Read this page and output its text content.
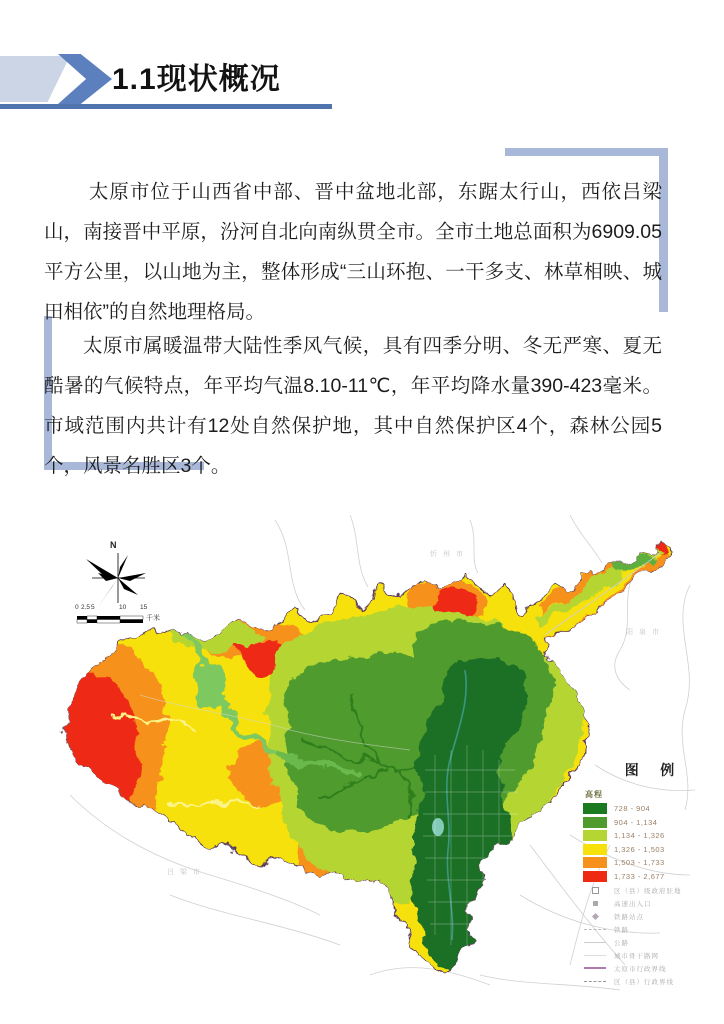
1.1现状概况
太原市位于山西省中部、晋中盆地北部，东踞太行山，西依吕梁山，南接晋中平原，汾河自北向南纵贯全市。全市土地总面积为6909.05平方公里，以山地为主，整体形成“三山环抱、一干多支、林草相映、城田相依”的自然地理格局。
太原市属暖温带大陆性季风气候，具有四季分明、冬无严寒、夏无酷暑的气候特点，年平均气温8.10-11℃，年平均降水量390-423毫米。市域范围内共计有12处自然保护地，其中自然保护区4个，森林公园5个，风景名胜区3个。
N
0 2.5 5	10 15
千米
忻州市
阳泉市
吕梁市
图 例
高程
728 - 904
904 - 1,134
1,134 - 1,326
1,326 - 1,503
1,503 - 1,733
1,733 - 2,677
区（县）级政府驻地
高速出入口
铁路站点
铁路
公路
城市骨干路网
太原市行政界线
区（县）行政界线
